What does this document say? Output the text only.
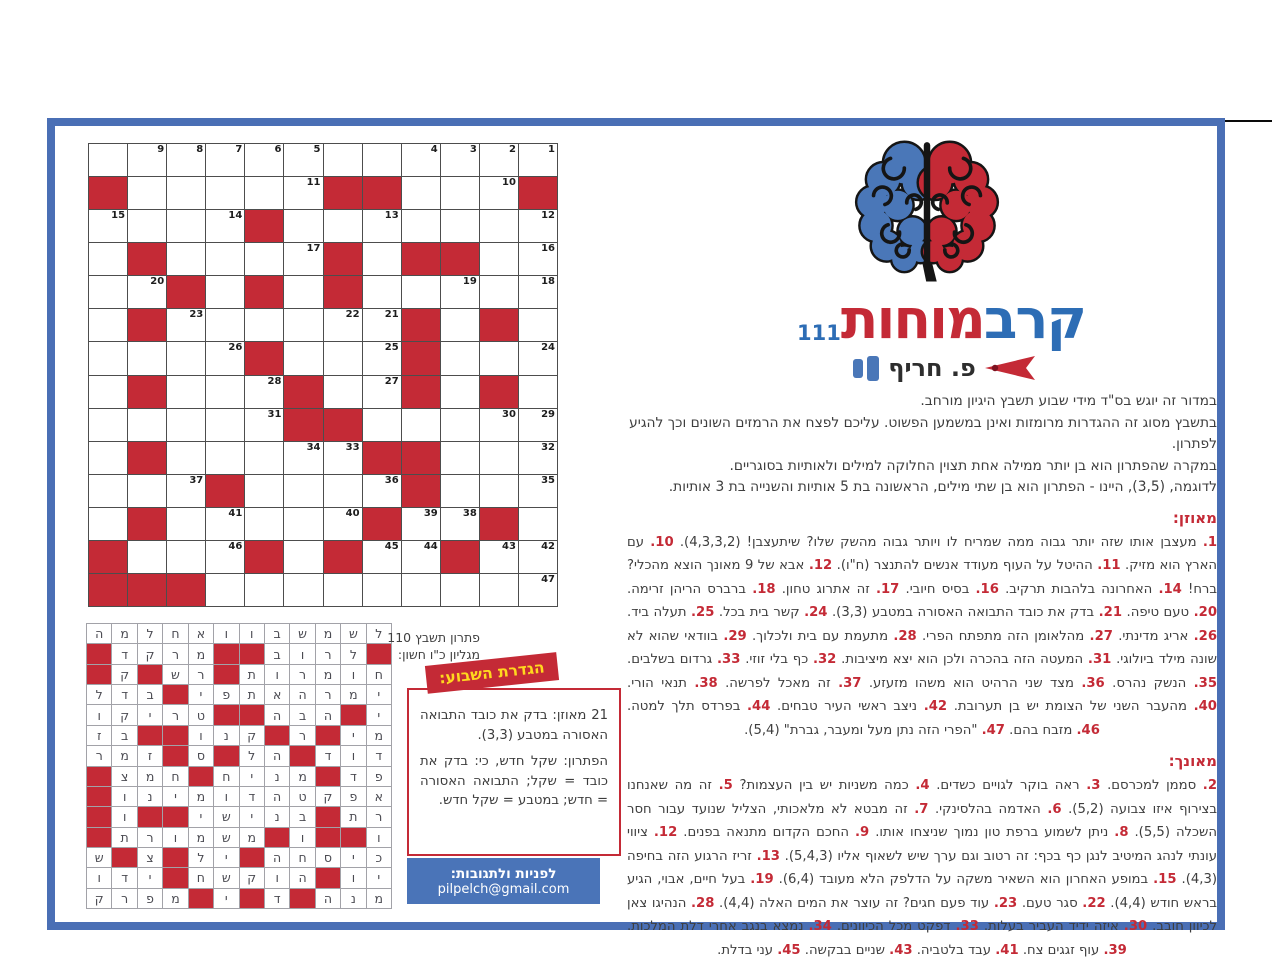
1
2
3
4
5
6
7
8
9
10
11
12
13
14
15
16
17
18
19
20
21
22
23
24
25
26
27
28
29
30
31
32
33
34
35
36
37
38
39
40
41
42
43
44
45
46
47
ל
ש
מ
ש
ב
ו
ו
א
ח
ל
מ
ה
ל
ר
ו
ב
מ
ר
ק
ד
ח
ו
מ
ר
ו
ת
ר
ש
ק
י
מ
ר
ה
א
ת
פ
י
ב
ד
ל
י
ה
ב
ה
ט
ר
י
ק
ו
מ
י
ר
ק
נ
ו
ב
ז
ד
ו
ד
ה
ל
ס
ז
מ
ר
פ
ד
מ
נ
י
ח
ח
מ
צ
א
פ
ק
ט
ה
ד
ו
מ
י
נ
ו
ר
ת
ב
נ
י
ש
י
ו
ו
ו
מ
ש
מ
ו
ר
ת
כ
י
ס
ח
ה
י
ל
צ
ש
י
ו
ה
ו
ק
ש
ח
י
ד
ו
מ
נ
ה
ד
י
מ
פ
ר
ק
פתרון תשבץ 110
מגליון כ"ו חשון:

21 מאוזן: בדק את כובד התבואה האסורה במטבע (3,3).

הפתרון: שקל חדש, כי: בדק את כובד = שקל; התבואה האסורה = חדש; במטבע = שקל חדש.

הגדרת השבוע:
לפניות ולתגובות:
pilpelch@gmail.com
קרב
מוחות
111
פ. חריף
במדור זה יוגש בס"ד מידי שבוע תשבץ היגיון מורחב.
בתשבץ מסוג זה ההגדרות מרומזות ואינן במשמען הפשוט. עליכם לפצח את הרמזים השונים וכך להגיע לפתרון.
במקרה שהפתרון הוא בן יותר ממילה אחת תצוין החלוקה למילים ולאותיות בסוגריים.
לדוגמה, (3,5), היינו - הפתרון הוא בן שתי מילים, הראשונה בת 5 אותיות והשנייה בת 3 אותיות.
מאוזן:

1. מעצבן אותו שזה יותר גבוה ממה שמריח לו ויותר גבוה מהשק שלו? שיתעצבן! (4,3,3,2). 10. עם הארץ הוא מזיק. 11. ההיטל על העוף מעודד אנשים להתנצר (ח"ו). 12. אבא של 9 מאונך הוצא מהכלי? ברח! 14. האחרונה בלהבות תרקיב. 16. בסיס חיובי. 17. זה אתרוג טחון. 18. ברברס הריהן זרימה. 20. טעם טיפה. 21. בדק את כובד התבואה האסורה במטבע (3,3). 24. קשר בית בכל. 25. תעלה ביד. 26. אריג מדינתי. 27. מהלאומן הזה מתפתח הפרי. 28. מתעמת עם בית ולכלוך. 29. בוודאי שהוא לא שונה מילד ביולוגי. 31. המעטה הזה בהכרה ולכן הוא יצא מיציבות. 32. כף בלי זוזי. 33. גרדום בשלבים. 35. הנשק נהרס. 36. מצד שני הרהיט הוא משהו מזעזע. 37. זה מאכל לפרשה. 38. תנאי הורי. 40. מהעבר השני של הצומת יש בן תערובת. 42. ניצב ראשי העיר טבחים. 44. בפרדס תלך למטה. 46. מזבח בהם. 47. "הפרי הזה נתן מעל ומעבר, גברת" (5,4).

מאונך:

2. סממן למכרסם. 3. ראה בוקר לגויים כשדים. 4. כמה משניות יש בין העצמות? 5. זה מה שאנחנו בצירוף איזו צבועה (5,2). 6. האדמה בהלסינקי. 7. זה מבטא לא מלאכותי, הצליל שנועד עבור חסר השכלה (5,5). 8. ניתן לשמוע ברפת טון נמוך שניצחו אותו. 9. החכם הקדום מתנאה בפנים. 12. ציווי עונתי לנהג המיטיב לנגן כף בכף: זה רטוב וגם ערך שיש לשאוף אליו (5,4,3). 13. זריז הרגוע הזה בחיפה (4,3). 15. במופע האחרון הוא השאיר משקה על הדלפק הלא מעובד (6,4). 19. בעל חיים, אבוי, הגיע בראש חודש (4,4). 22. סגר טעם. 23. עוד פעם חגים? זה עוצר את המים האלה (4,4). 28. הנהיגו צאן לכיוון חובב. 30. איזה ידיד העביר בעלות. 33. דפקט מכל הכיוונים. 34. נמצא בנגב אחרי דלת המלכות. 39. עוף זגגים צח. 41. עבד בלטביה. 43. שניים בבקשה. 45. עני בדלת.
